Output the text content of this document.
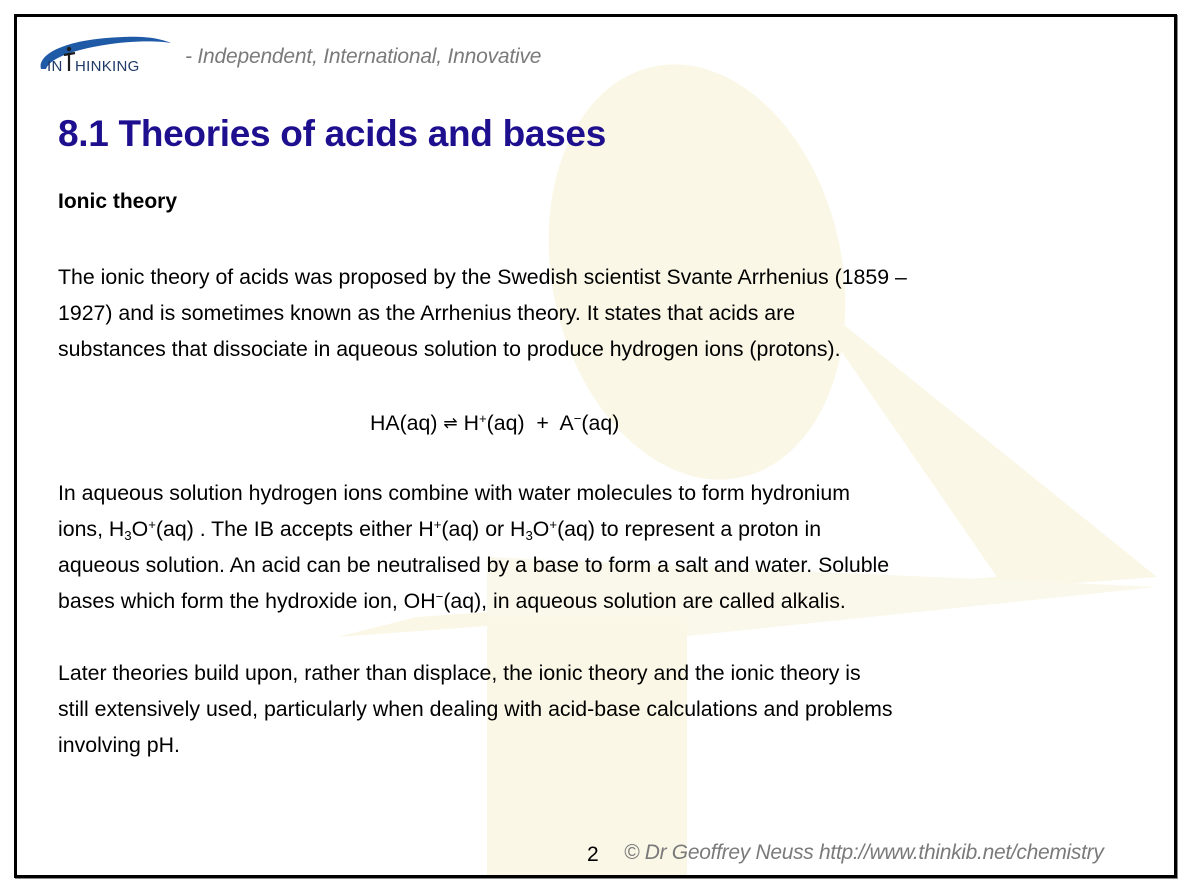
IN HINKING - Independent, International, Innovative
8.1 Theories of acids and bases
Ionic theory
The ionic theory of acids was proposed by the Swedish scientist Svante Arrhenius (1859 –
1927) and is sometimes known as the Arrhenius theory. It states that acids are
substances that dissociate in aqueous solution to produce hydrogen ions (protons).
HA(aq) ⇌ H+(aq) + A−(aq)
In aqueous solution hydrogen ions combine with water molecules to form hydronium
ions, $H_3O^+(aq)$ . The IB accepts either H+(aq) or $H_3O^+(aq)$ to represent a proton in
aqueous solution. An acid can be neutralised by a base to form a salt and water. Soluble
bases which form the hydroxide ion, OH−(aq), in aqueous solution are called alkalis.
Later theories build upon, rather than displace, the ionic theory and the ionic theory is
still extensively used, particularly when dealing with acid-base calculations and problems
involving pH.
2 © Dr Geoffrey Neuss http://www.thinkib.net/chemistry
